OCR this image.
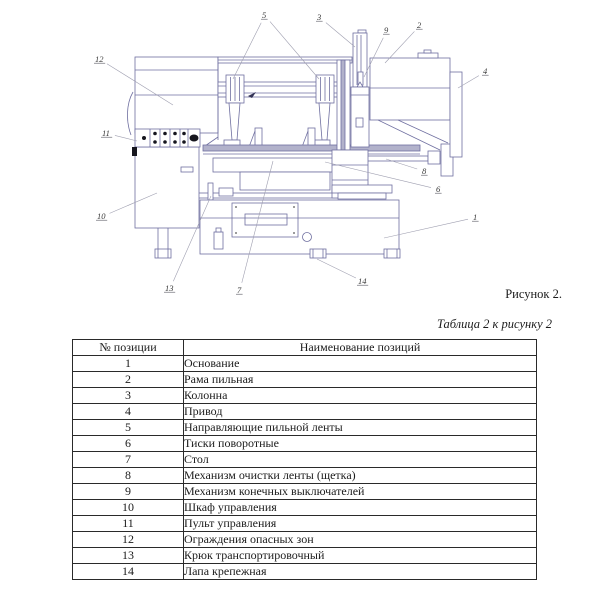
1
2
3
4
5
6
7
8
9
10
11
12
13
14
Рисунок 2.
Таблица 2 к рисунку 2
№ позиции	Наименование позиций
1	Основание
2	Рама пильная
3	Колонна
4	Привод
5	Направляющие пильной ленты
6	Тиски поворотные
7	Стол
8	Механизм очистки ленты (щетка)
9	Механизм конечных выключателей
10	Шкаф управления
11	Пульт управления
12	Ограждения опасных зон
13	Крюк транспортировочный
14	Лапа крепежная
